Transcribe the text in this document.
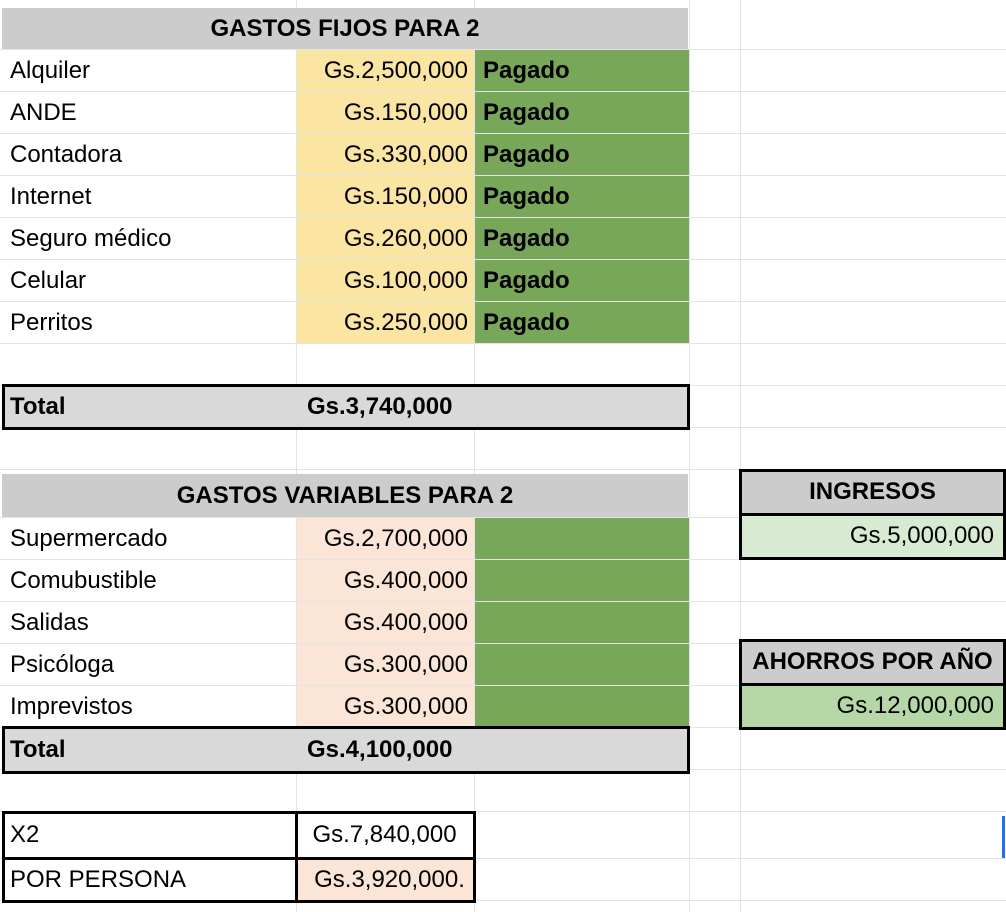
GASTOS FIJOS PARA 2
Alquiler	Gs.2,500,000 Pagado
ANDE	Gs.150,000 Pagado
Contadora	Gs.330,000 Pagado
Internet	Gs.150,000 Pagado
Seguro médico	Gs.260,000 Pagado
Celular	Gs.100,000 Pagado
Perritos	Gs.250,000 Pagado
Total	Gs.3,740,000
GASTOS VARIABLES PARA 2
Supermercado	Gs.2,700,000
Comubustible	Gs.400,000
Salidas	Gs.400,000
Psicóloga	Gs.300,000
Imprevistos	Gs.300,000
Total	Gs.4,100,000
X2	Gs.7,840,000
POR PERSONA	Gs.3,920,000.
INGRESOS
Gs.5,000,000
AHORROS POR AÑO
Gs.12,000,000
